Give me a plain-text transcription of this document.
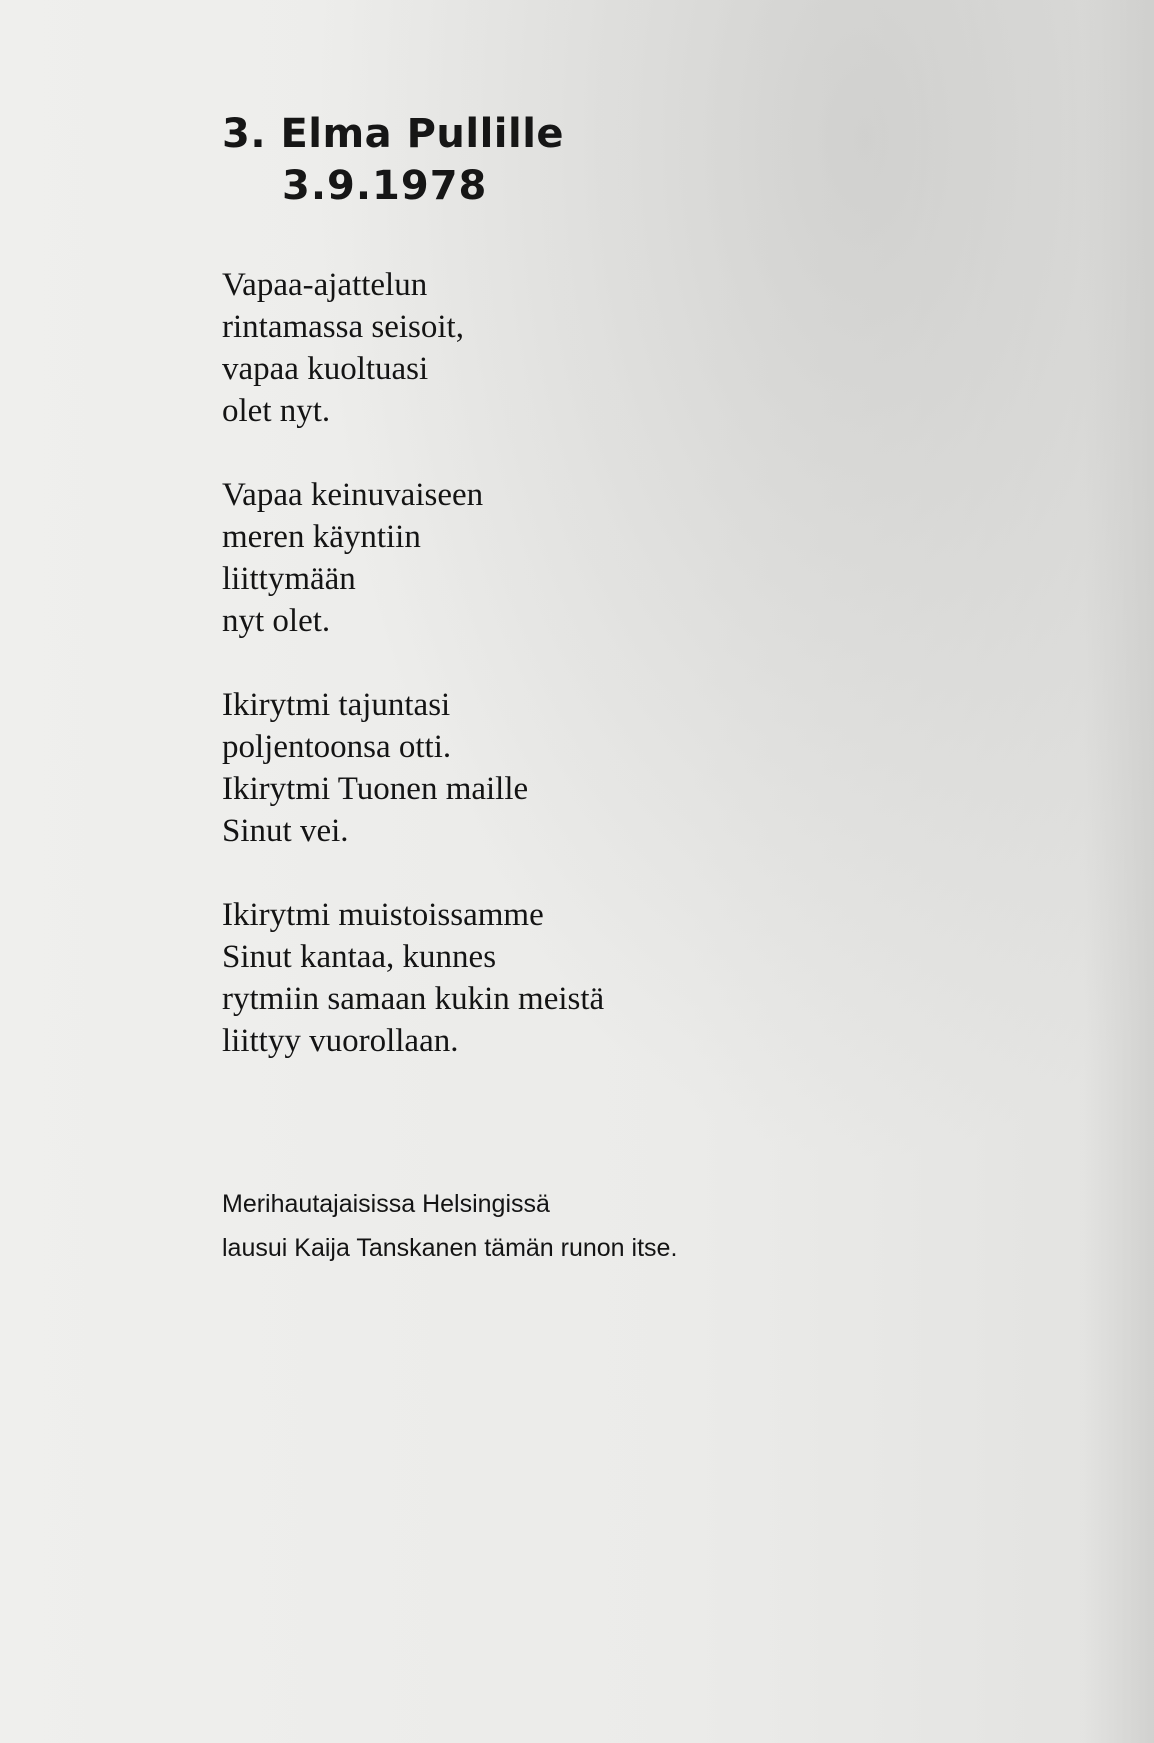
3. Elma Pullille
3.9.1978
Vapaa-ajattelun
rintamassa seisoit,
vapaa kuoltuasi
olet nyt.
Vapaa keinuvaiseen
meren käyntiin
liittymään
nyt olet.
Ikirytmi tajuntasi
poljentoonsa otti.
Ikirytmi Tuonen maille
Sinut vei.
Ikirytmi muistoissamme
Sinut kantaa, kunnes
rytmiin samaan kukin meistä
liittyy vuorollaan.
Merihautajaisissa Helsingissä
lausui Kaija Tanskanen tämän runon itse.
